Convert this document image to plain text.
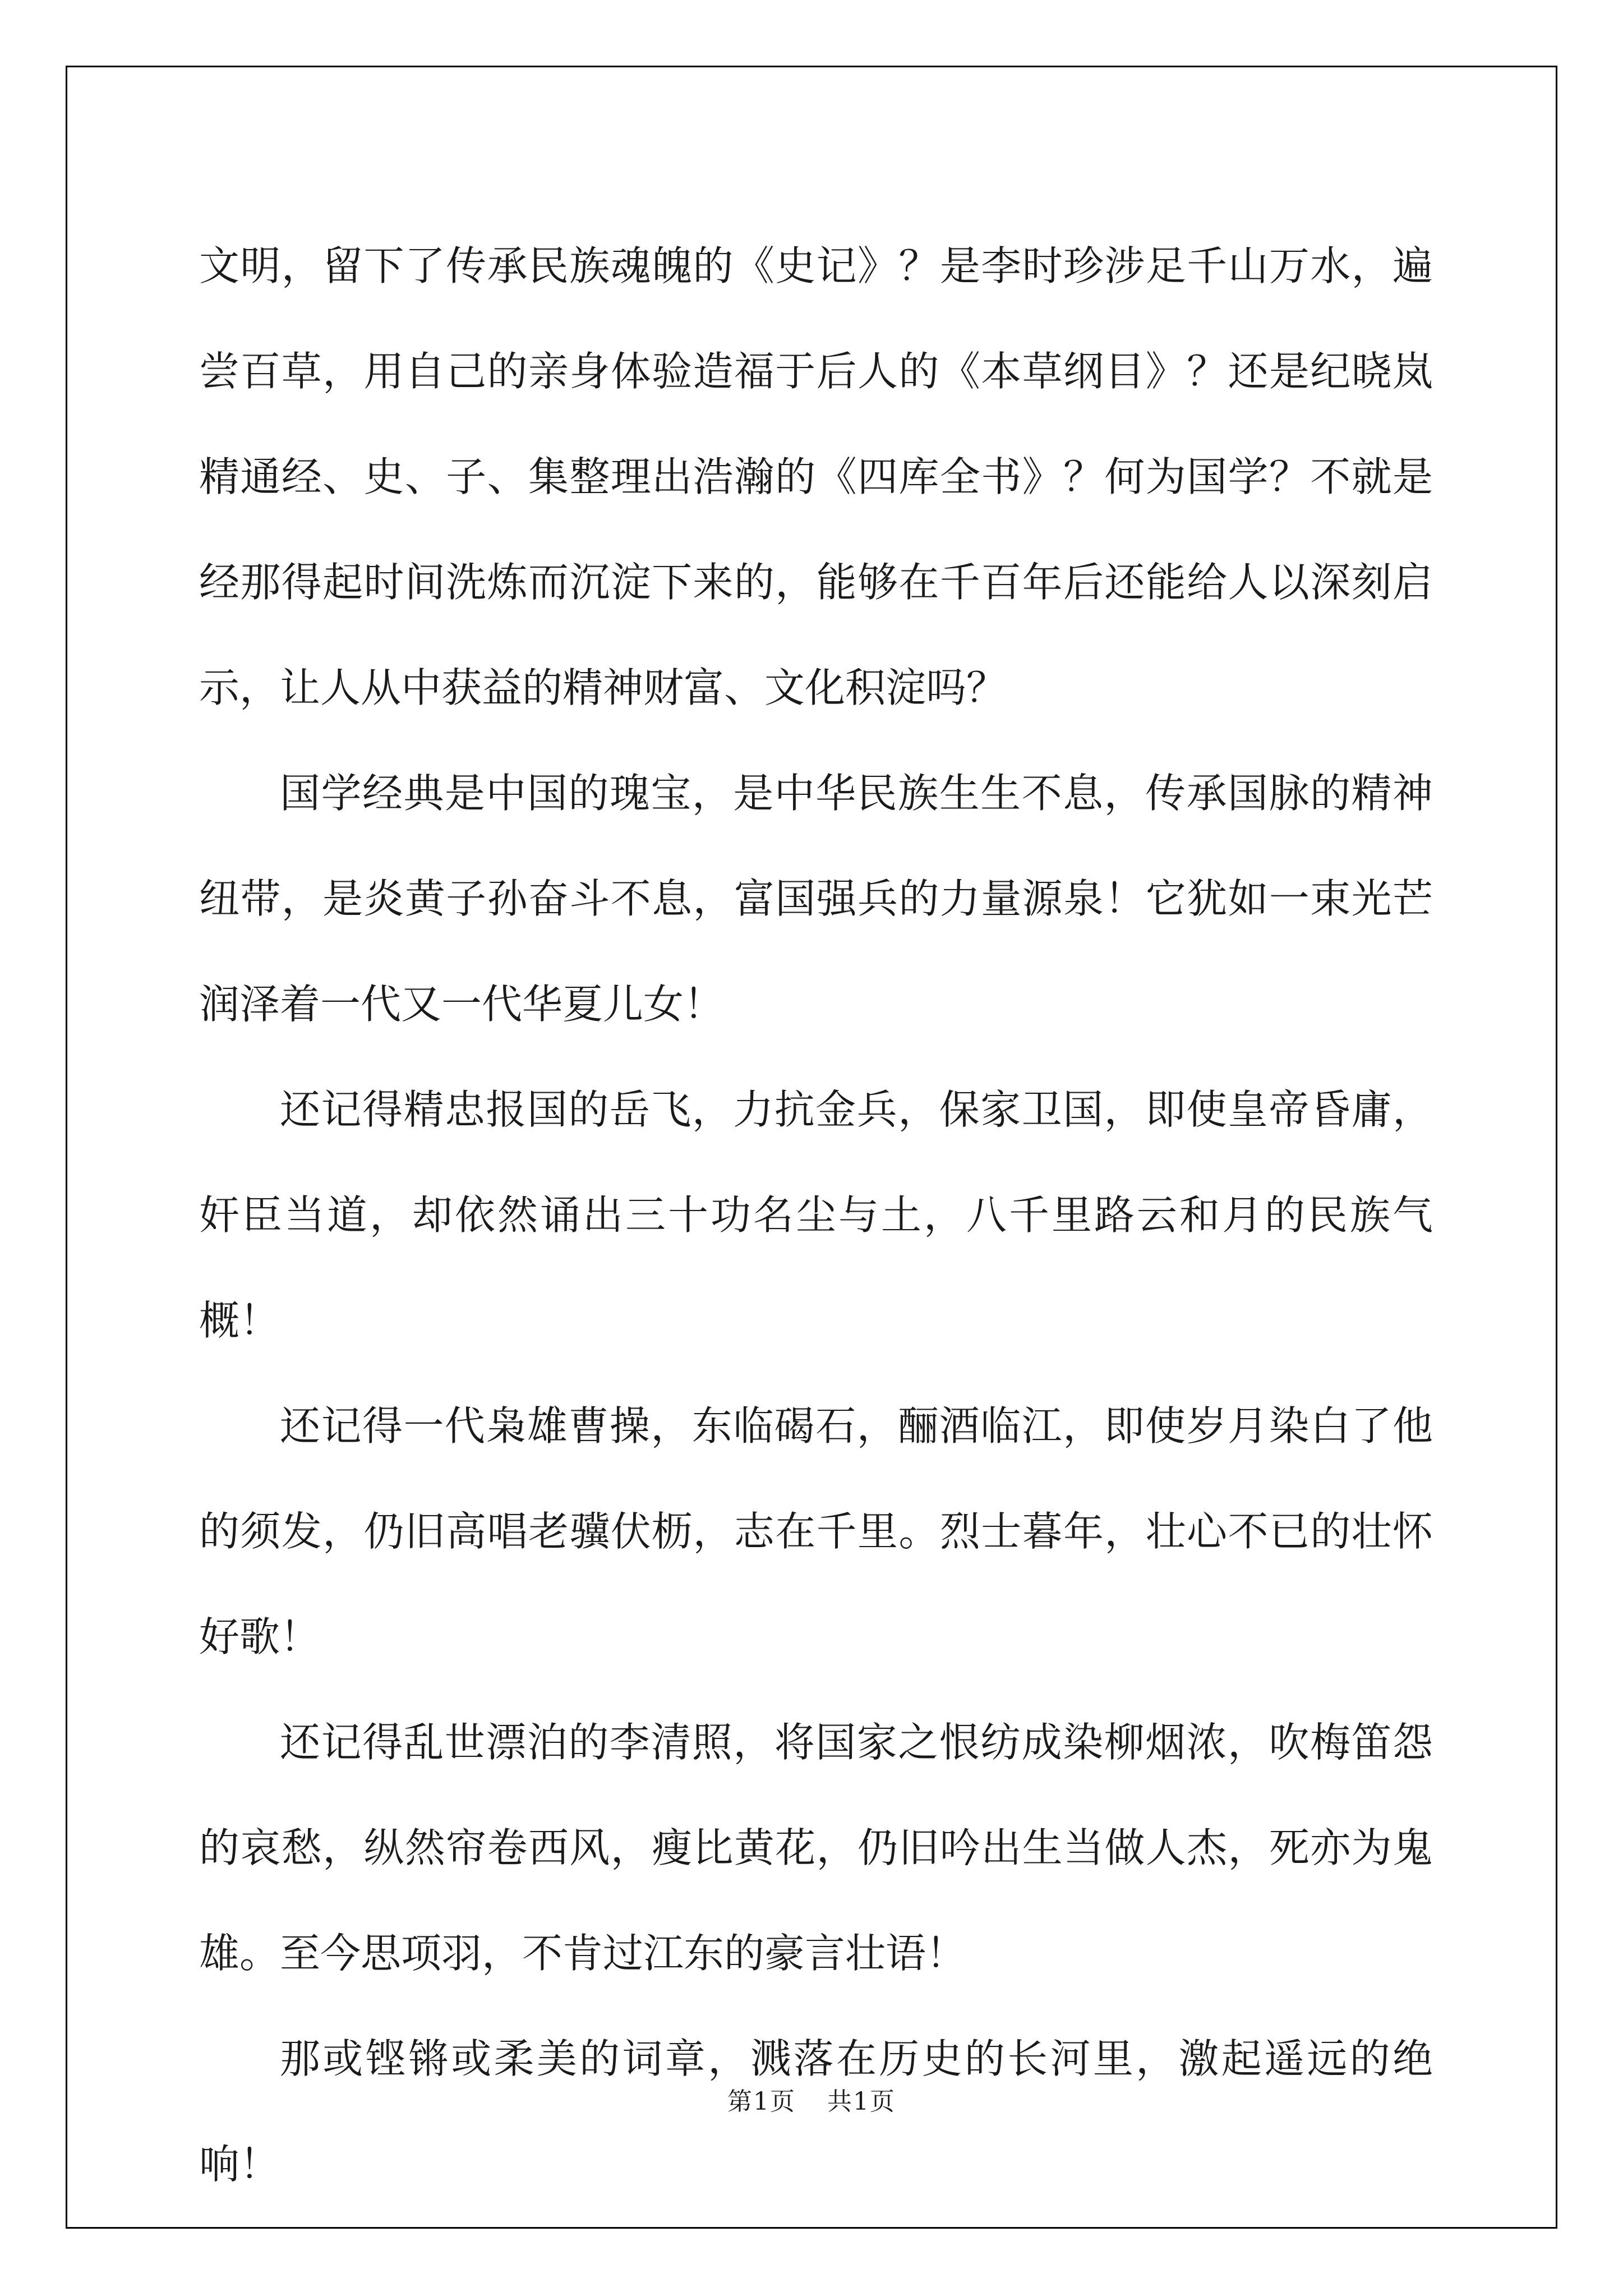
文明，留下了传承民族魂魄的《史记》？是李时珍涉足千山万水，遍尝百草，用自己的亲身体验造福于后人的《本草纲目》？还是纪晓岚精通经、史、子、集整理出浩瀚的《四库全书》？何为国学？不就是经那得起时间洗炼而沉淀下来的，能够在千百年后还能给人以深刻启示，让人从中获益的精神财富、文化积淀吗？

国学经典是中国的瑰宝，是中华民族生生不息，传承国脉的精神纽带，是炎黄子孙奋斗不息，富国强兵的力量源泉！它犹如一束光芒润泽着一代又一代华夏儿女！

还记得精忠报国的岳飞，力抗金兵，保家卫国，即使皇帝昏庸，奸臣当道，却依然诵出三十功名尘与土，八千里路云和月的民族气概！

还记得一代枭雄曹操，东临碣石，酾酒临江，即使岁月染白了他的须发，仍旧高唱老骥伏枥，志在千里。烈士暮年，壮心不已的壮怀好歌！

还记得乱世漂泊的李清照，将国家之恨纺成染柳烟浓，吹梅笛怨的哀愁，纵然帘卷西风，瘦比黄花，仍旧吟出生当做人杰，死亦为鬼雄。至今思项羽，不肯过江东的豪言壮语！

那或铿锵或柔美的词章，溅落在历史的长河里，激起遥远的绝响！

第1页 共1页
